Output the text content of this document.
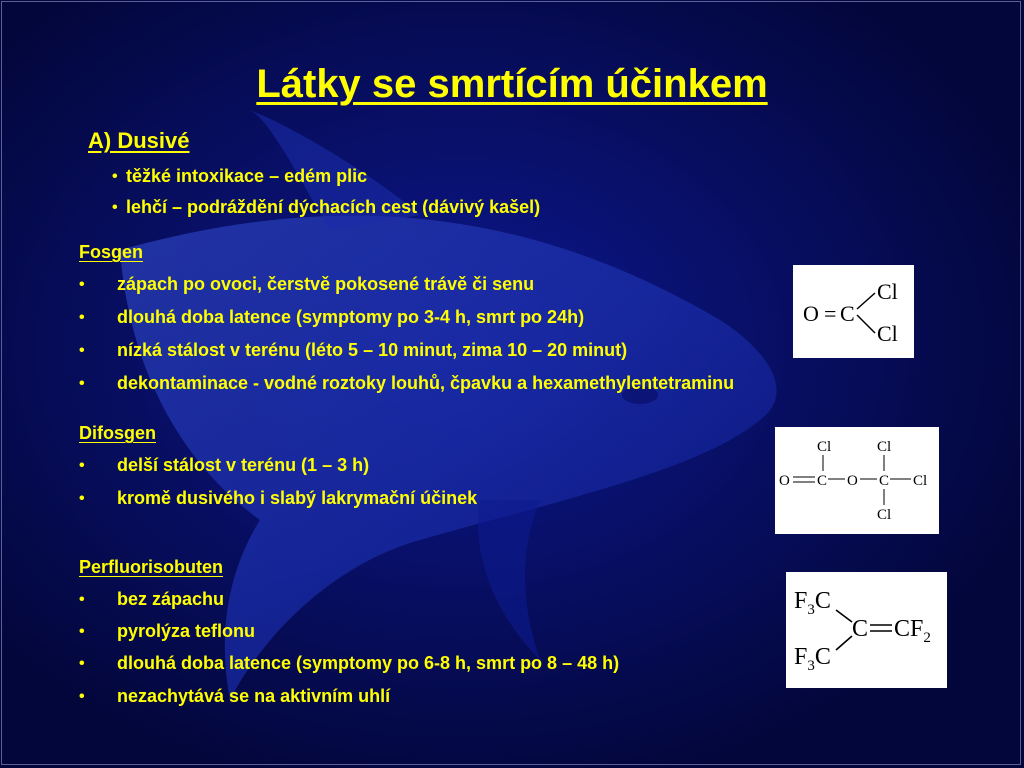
Látky se smrtícím účinkem
A) Dusivé
• těžké intoxikace – edém plic
• lehčí – podráždění dýchacích cest (dávivý kašel)
Fosgen
• zápach po ovoci, čerstvě pokosené trávě či senu
• dlouhá doba latence (symptomy po 3-4 h, smrt po 24h)
• nízká stálost v terénu (léto 5 – 10 minut, zima 10 – 20 minut)
• dekontaminace - vodné roztoky louhů, čpavku a hexamethylentetraminu
O = C
Cl
Cl
Difosgen
• delší stálost v terénu (1 – 3 h)
• kromě dusivého i slabý lakrymační účinek
Cl	Cl
O C O C Cl
Cl
Perfluorisobuten
• bez zápachu
• pyrolýza teflonu
• dlouhá doba latence (symptomy po 6-8 h, smrt po 8 – 48 h)
• nezachytává se na aktivním uhlí
$F_3C$
$F_3C$
C $CF_2$
